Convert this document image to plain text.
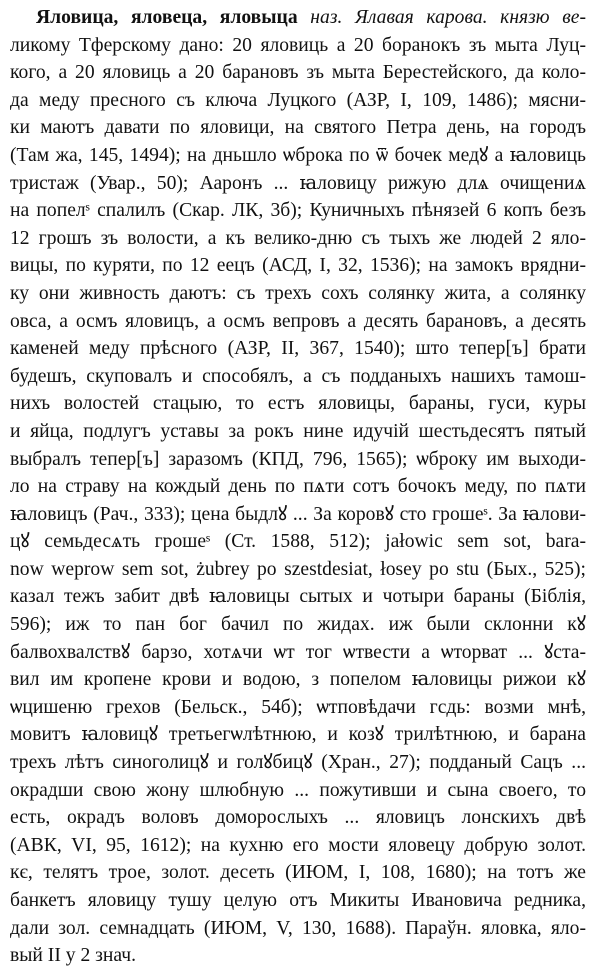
Яловица, яловеца, яловыца наз. Ялавая карова. князю ве-
ликому Тферскому дано: 20 яловиць а 20 боранокъ зъ мыта Луц-
кого, а 20 яловиць а 20 барановъ зъ мыта Берестейского, да коло-
да меду пресного съ ключа Луцкого (АЗР, І, 109, 1486); мясни-
ки маютъ давати по яловици, на святого Петра день, на городъ
(Там жа, 145, 1494); на дньшло ѡброка по ѿ бочек медꙋ а ꙗловиць
тристаж (Увар., 50); Ааронъ ... ꙗловицу рижую длѧ очищениѧ
на попелˢ спалилъ (Скар. ЛК, 3б); Куничныхъ пѣнязей 6 копъ безъ
12 грошъ зъ волости, а къ велико-дню съ тыхъ же людей 2 яло-
вицы, по куряти, по 12 еецъ (АСД, І, 32, 1536); на замокъ врядни-
ку они живность даютъ: съ трехъ сохъ солянку жита, а солянку
овса, а осмъ яловицъ, а осмъ вепровъ а десять барановъ, а десять
каменей меду прѣсного (АЗР, ІІ, 367, 1540); што тепер[ъ] брати
будешъ, скуповалъ и способялъ, а съ подданыхъ нашихъ тамош-
нихъ волостей стацыю, то естъ яловицы, бараны, гуси, куры
и яйца, подлугъ уставы за рокъ нине идучій шестьдесятъ пятый
выбралъ тепер[ъ] заразомъ (КПД, 796, 1565); ѡброку им выходи-
ло на страву на кождый день по пѧти сотъ бочокъ меду, по пѧти
ꙗловицъ (Рач., 333); цена быдлꙋ ... За коровꙋ сто грошеˢ. За ꙗлови-
цꙋ семьдесѧть грошеˢ (Ст. 1588, 512); jałowic sem sot, bara-
now weprow sem sot, żubrey po szestdesiat, łosey po stu (Бых., 525);
казал тежъ забит двѣ ꙗловицы сытых и чотыри бараны (Біблія,
596); иж то пан бог бачил по жидах. иж были склонни кꙋ
балвохвалствꙋ барзо, хотѧчи ѡт тог ѡтвести а ѡторват ... ꙋста-
вил им кропене крови и водою, з попелом ꙗловицы рижои кꙋ
ѡцишеню грехов (Бельск., 54б); ѡтповѣдачи гсдь: возми мнѣ,
мовитъ ꙗловицꙋ третьегѡлѣтнюю, и козꙋ трилѣтнюю, и барана
трехъ лѣтъ синоголицꙋ и голꙋбицꙋ (Хран., 27); подданый Сацъ ...
окрадши свою жону шлюбную ... пожутивши и сына своего, то
есть, окрадъ воловъ доморослыхъ ... яловицъ лонскихъ двѣ
(АВК, VI, 95, 1612); на кухню его мости яловецу добрую золот.
кє, телятъ трое, золот. десеть (ИЮМ, І, 108, 1680); на тотъ же
банкетъ яловицу тушу целую отъ Микиты Ивановича редника,
дали зол. семнадцать (ИЮМ, V, 130, 1688). Параўн. яловка, яло-
вый ІІ у 2 знач.
